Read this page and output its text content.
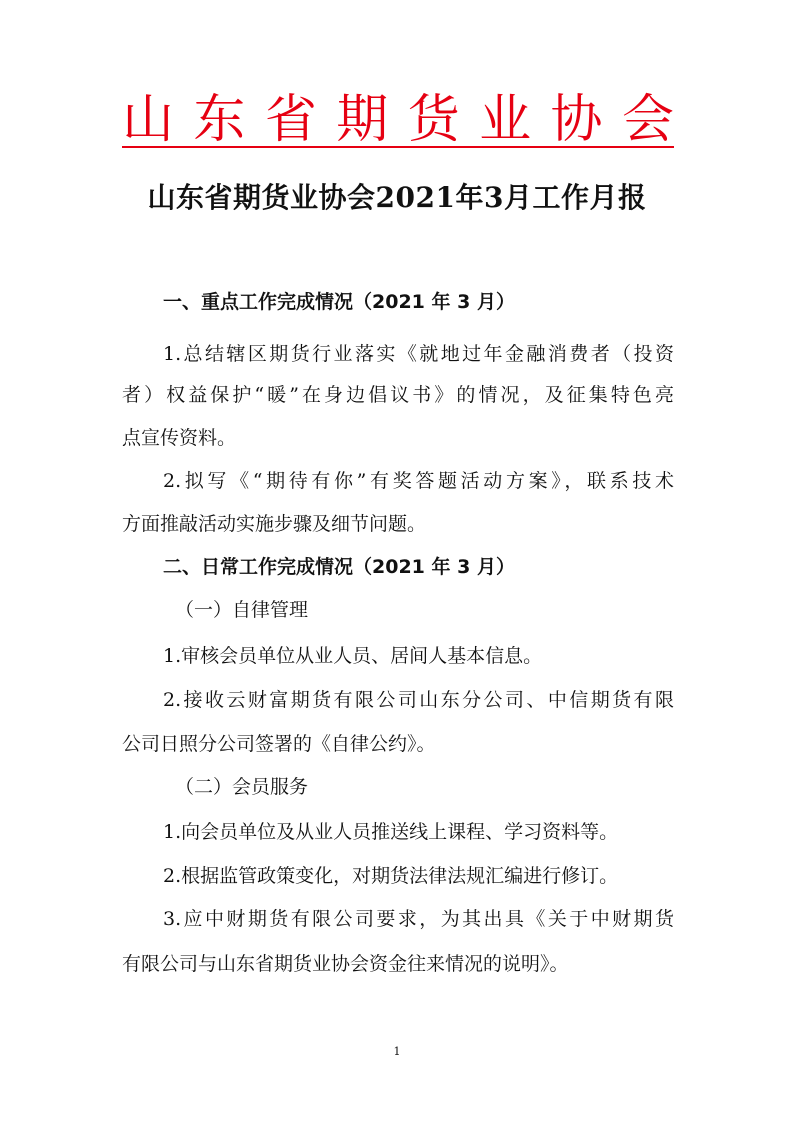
山 东 省 期 货 业 协 会
山东省期货业协会2021年3月工作月报
一、重点工作完成情况（2021 年 3 月）
1.总结辖区期货行业落实《就地过年金融消费者（投资
者）权益保护“暖”在身边倡议书》的情况，及征集特色亮
点宣传资料。
2.拟写《“期待有你”有奖答题活动方案》，联系技术
方面推敲活动实施步骤及细节问题。
二、日常工作完成情况（2021 年 3 月）
（一）自律管理
1.审核会员单位从业人员、居间人基本信息。
2.接收云财富期货有限公司山东分公司、中信期货有限
公司日照分公司签署的《自律公约》。
（二）会员服务
1.向会员单位及从业人员推送线上课程、学习资料等。
2.根据监管政策变化，对期货法律法规汇编进行修订。
3.应中财期货有限公司要求，为其出具《关于中财期货
有限公司与山东省期货业协会资金往来情况的说明》。
1
